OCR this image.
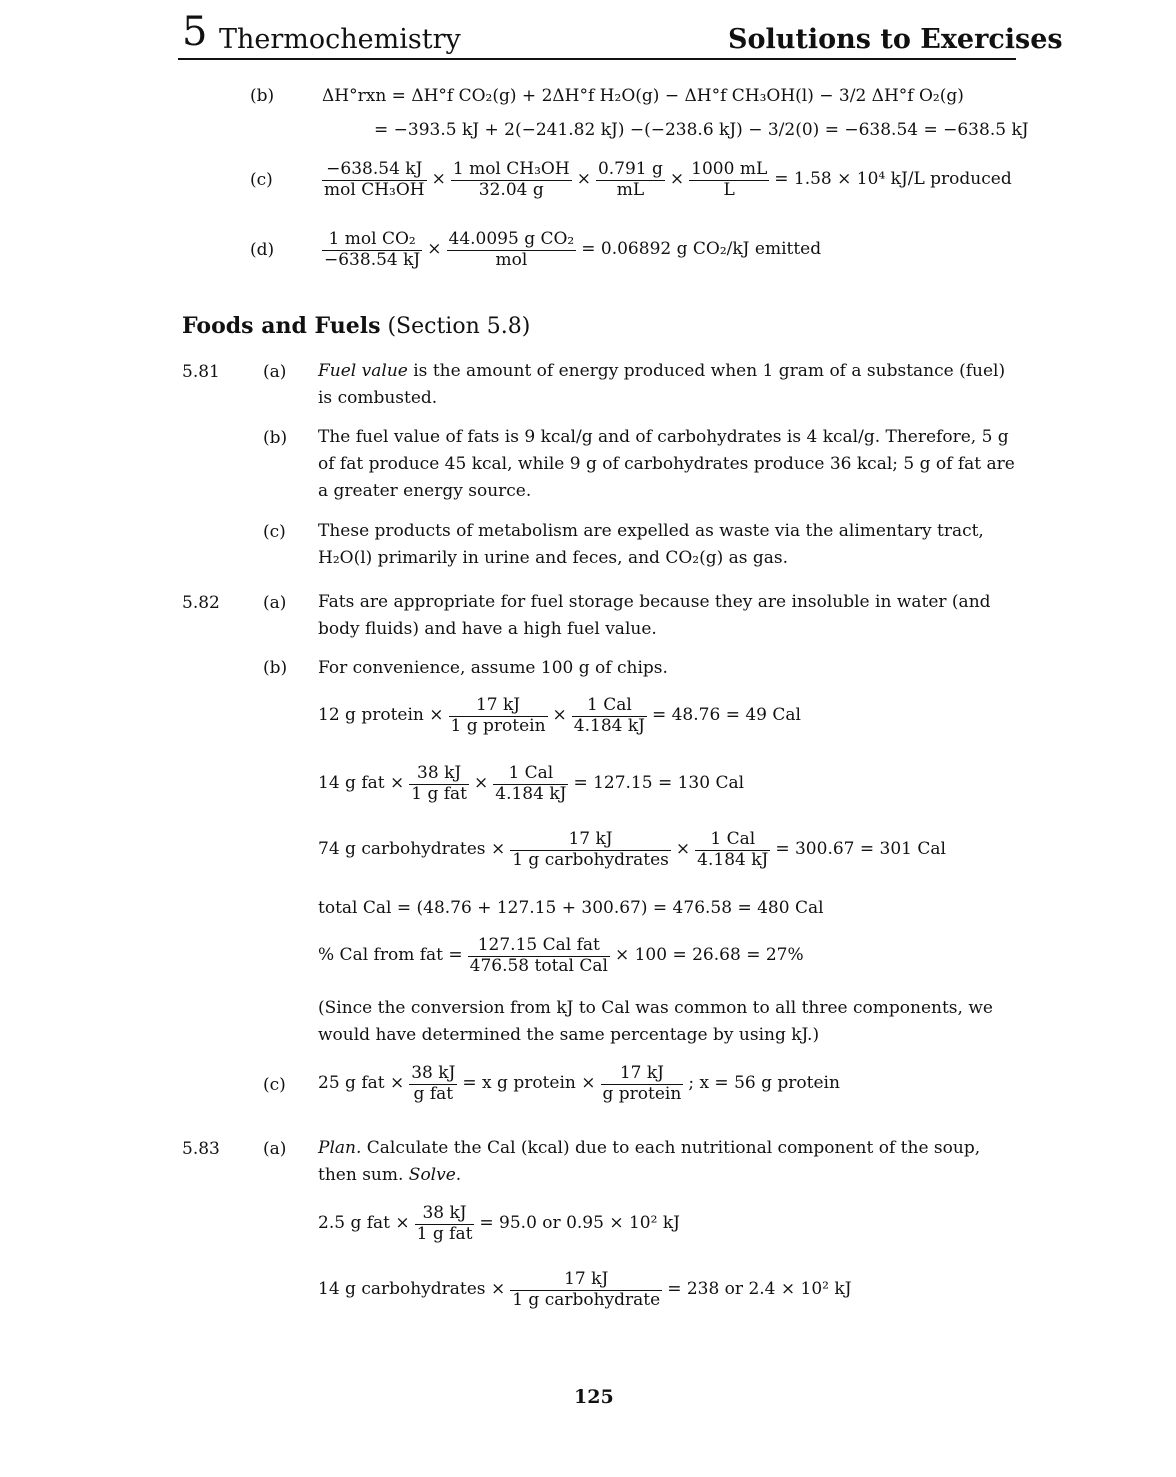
5 Thermochemistry	Solutions to Exercises
(b)	ΔH°rxn = ΔH°f CO₂(g) + 2ΔH°f H₂O(g) − ΔH°f CH₃OH(l) − 3/2 ΔH°f O₂(g)
= −393.5 kJ + 2(−241.82 kJ) −(−238.6 kJ) − 3/2(0) = −638.54 = −638.5 kJ
(c)	$\frac{-638.54 kJ}{\text{mol CH₃OH}} \times \frac{\text{1 mol CH₃OH}}{32.04 g} \times \frac{0.791 g}{mL} \times \frac{1000 mL}{L} = 1.58 \times 10^4$ kJ/L produced
(d)	$\frac{\text{1 mol CO₂}}{-638.54 kJ} \times \frac{\text{44.0095 g CO₂}}{\text{mol}} = 0.06892$ g CO₂/kJ emitted
Foods and Fuels (Section 5.8)
5.81	(a) Fuel value is the amount of energy produced when 1 gram of a substance (fuel) is combusted.
(b) The fuel value of fats is 9 kcal/g and of carbohydrates is 4 kcal/g. Therefore, 5 g of fat produce 45 kcal, while 9 g of carbohydrates produce 36 kcal; 5 g of fat are a greater energy source.
(c) These products of metabolism are expelled as waste via the alimentary tract, H₂O(l) primarily in urine and feces, and CO₂(g) as gas.
5.82	(a) Fats are appropriate for fuel storage because they are insoluble in water (and body fluids) and have a high fuel value.
(b) For convenience, assume 100 g of chips.
12 g protein × $\frac{17 kJ}{\text{1 g protein}} \times \frac{\text{1 Cal}}{4.184 kJ} = 48.76 = 49$ Cal
14 g fat × $\frac{38 kJ}{\text{1 g fat}} \times \frac{\text{1 Cal}}{4.184 kJ} = 127.15 = 130$ Cal
74 g carbohydrates × $\frac{17 kJ}{\text{1 g carbohydrates}} \times \frac{\text{1 Cal}}{4.184 kJ} = 300.67 = 301$ Cal
total Cal = (48.76 + 127.15 + 300.67) = 476.58 = 480 Cal
% Cal from fat = $\frac{\text{127.15 Cal fat}}{\text{476.58 total Cal}} \times 100 = 26.68 = 27\%$
(Since the conversion from kJ to Cal was common to all three components, we would have determined the same percentage by using kJ.)
(c) 25 g fat × $\frac{38 kJ}{\text{g fat}} = x$ g protein × $\frac{17 kJ}{\text{g protein}}$ ; x = 56 g protein
5.83	(a) Plan. Calculate the Cal (kcal) due to each nutritional component of the soup, then sum. Solve.
2.5 g fat × $\frac{38 kJ}{\text{1 g fat}} = 95.0$ or 0.95 × 10² kJ
14 g carbohydrates × $\frac{17 kJ}{\text{1 g carbohydrate}} = 238$ or 2.4 × 10² kJ
125
